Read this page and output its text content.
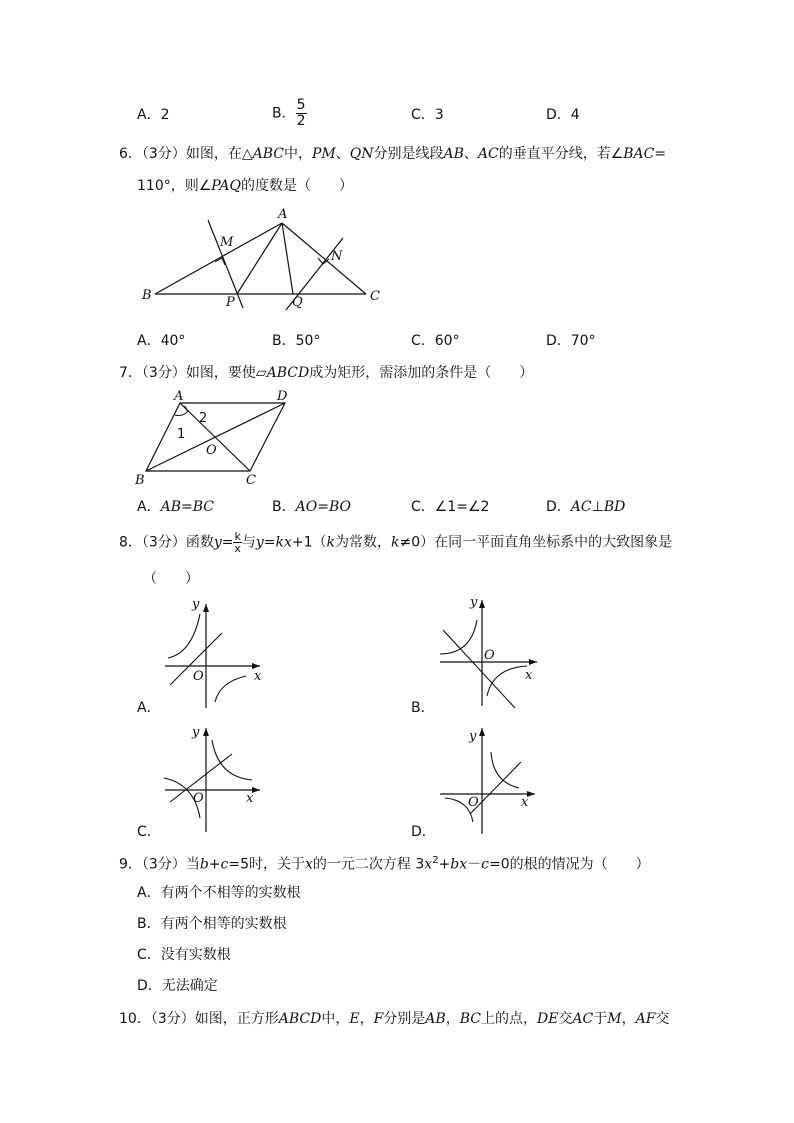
A．2	B． $\frac{5}{2}$	C．3	D．4
6．（3分）如图，在△ABC中，PM、QN分别是线段AB、AC的垂直平分线，若∠BAC=
110°，则∠PAQ的度数是（　　）
A
B	C
M
N
P	Q
A．40°	B．50°	C．60°	D．70°
7．（3分）如图，要使▱ABCD成为矩形，需添加的条件是（　　）
A	D
B	C
O
1
2
A．AB=BC	B．AO=BO	C．∠1=∠2	D．AC⊥BD
8．（3分）函数$y= \frac{k}{x}$ 与y=kx+1（k为常数，k≠0）在同一平面直角坐标系中的大致图象是
（　　）
y
x
O
A．
y
x
O
B．
y
x
O
C．
y
x
O
D．
9．（3分）当b+c=5时，关于x的一元二次方程 $3x^2+bx-c=0$的根的情况为（　　）
A．有两个不相等的实数根
B．有两个相等的实数根
C．没有实数根
D．无法确定
10．（3分）如图，正方形ABCD中，E，F分别是AB，BC上的点，DE交AC于M，AF交
